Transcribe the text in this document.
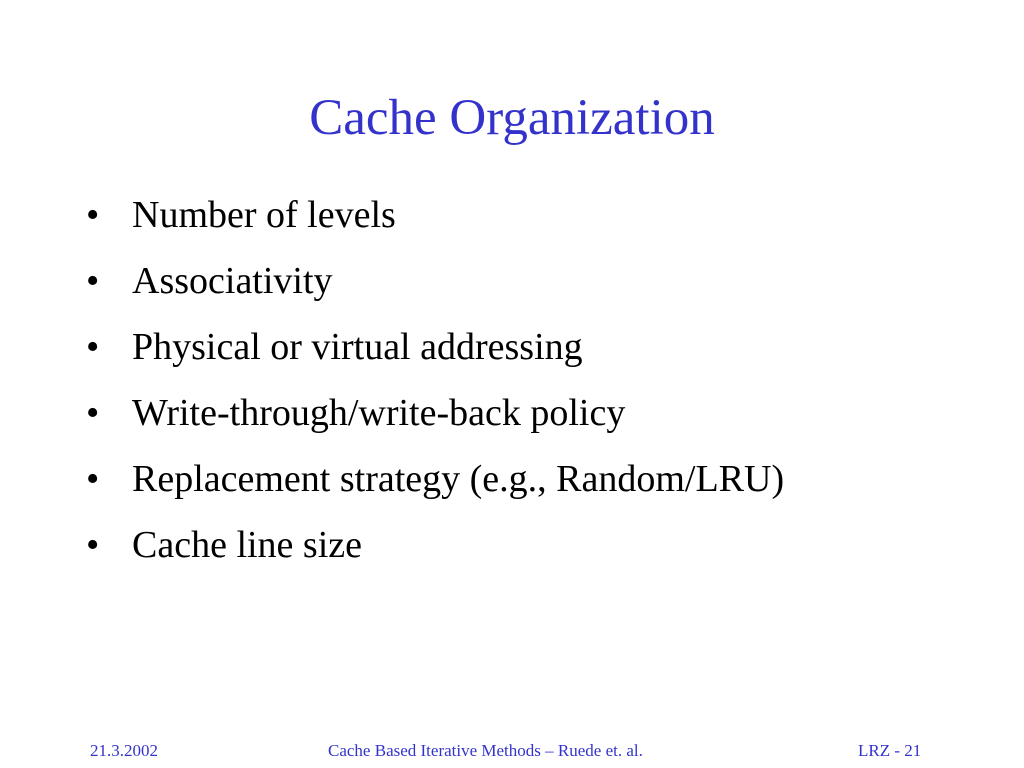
Cache Organization
• Number of levels
• Associativity
• Physical or virtual addressing
• Write-through/write-back policy
• Replacement strategy (e.g., Random/LRU)
• Cache line size
21.3.2002	Cache Based Iterative Methods – Ruede et. al.	LRZ - 21
